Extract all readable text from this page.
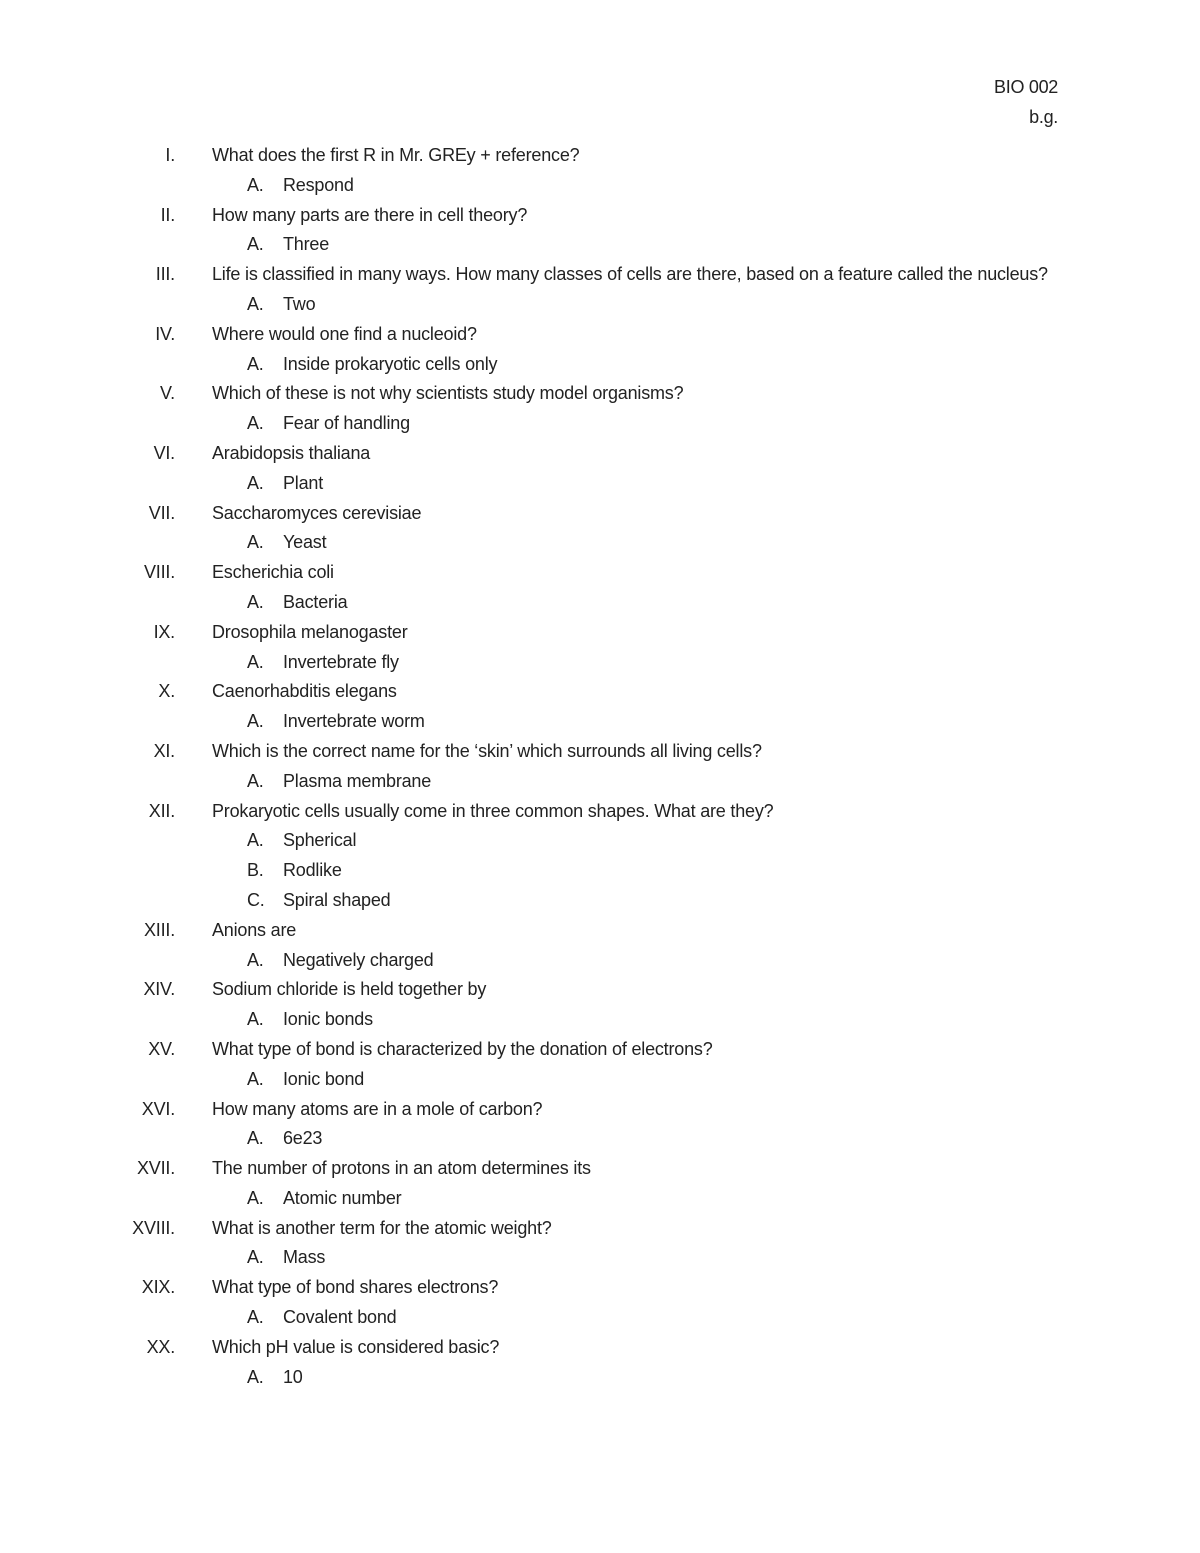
BIO 002
b.g.
I. What does the first R in Mr. GREy + reference?
A. Respond
II. How many parts are there in cell theory?
A. Three
III. Life is classified in many ways. How many classes of cells are there, based on a feature called the nucleus?
A. Two
IV. Where would one find a nucleoid?
A. Inside prokaryotic cells only
V. Which of these is not why scientists study model organisms?
A. Fear of handling
VI. Arabidopsis thaliana
A. Plant
VII. Saccharomyces cerevisiae
A. Yeast
VIII. Escherichia coli
A. Bacteria
IX. Drosophila melanogaster
A. Invertebrate fly
X. Caenorhabditis elegans
A. Invertebrate worm
XI. Which is the correct name for the ‘skin’ which surrounds all living cells?
A. Plasma membrane
XII. Prokaryotic cells usually come in three common shapes. What are they?
A. Spherical
B. Rodlike
C. Spiral shaped
XIII. Anions are
A. Negatively charged
XIV. Sodium chloride is held together by
A. Ionic bonds
XV. What type of bond is characterized by the donation of electrons?
A. Ionic bond
XVI. How many atoms are in a mole of carbon?
A. 6e23
XVII. The number of protons in an atom determines its
A. Atomic number
XVIII. What is another term for the atomic weight?
A. Mass
XIX. What type of bond shares electrons?
A. Covalent bond
XX. Which pH value is considered basic?
A. 10
